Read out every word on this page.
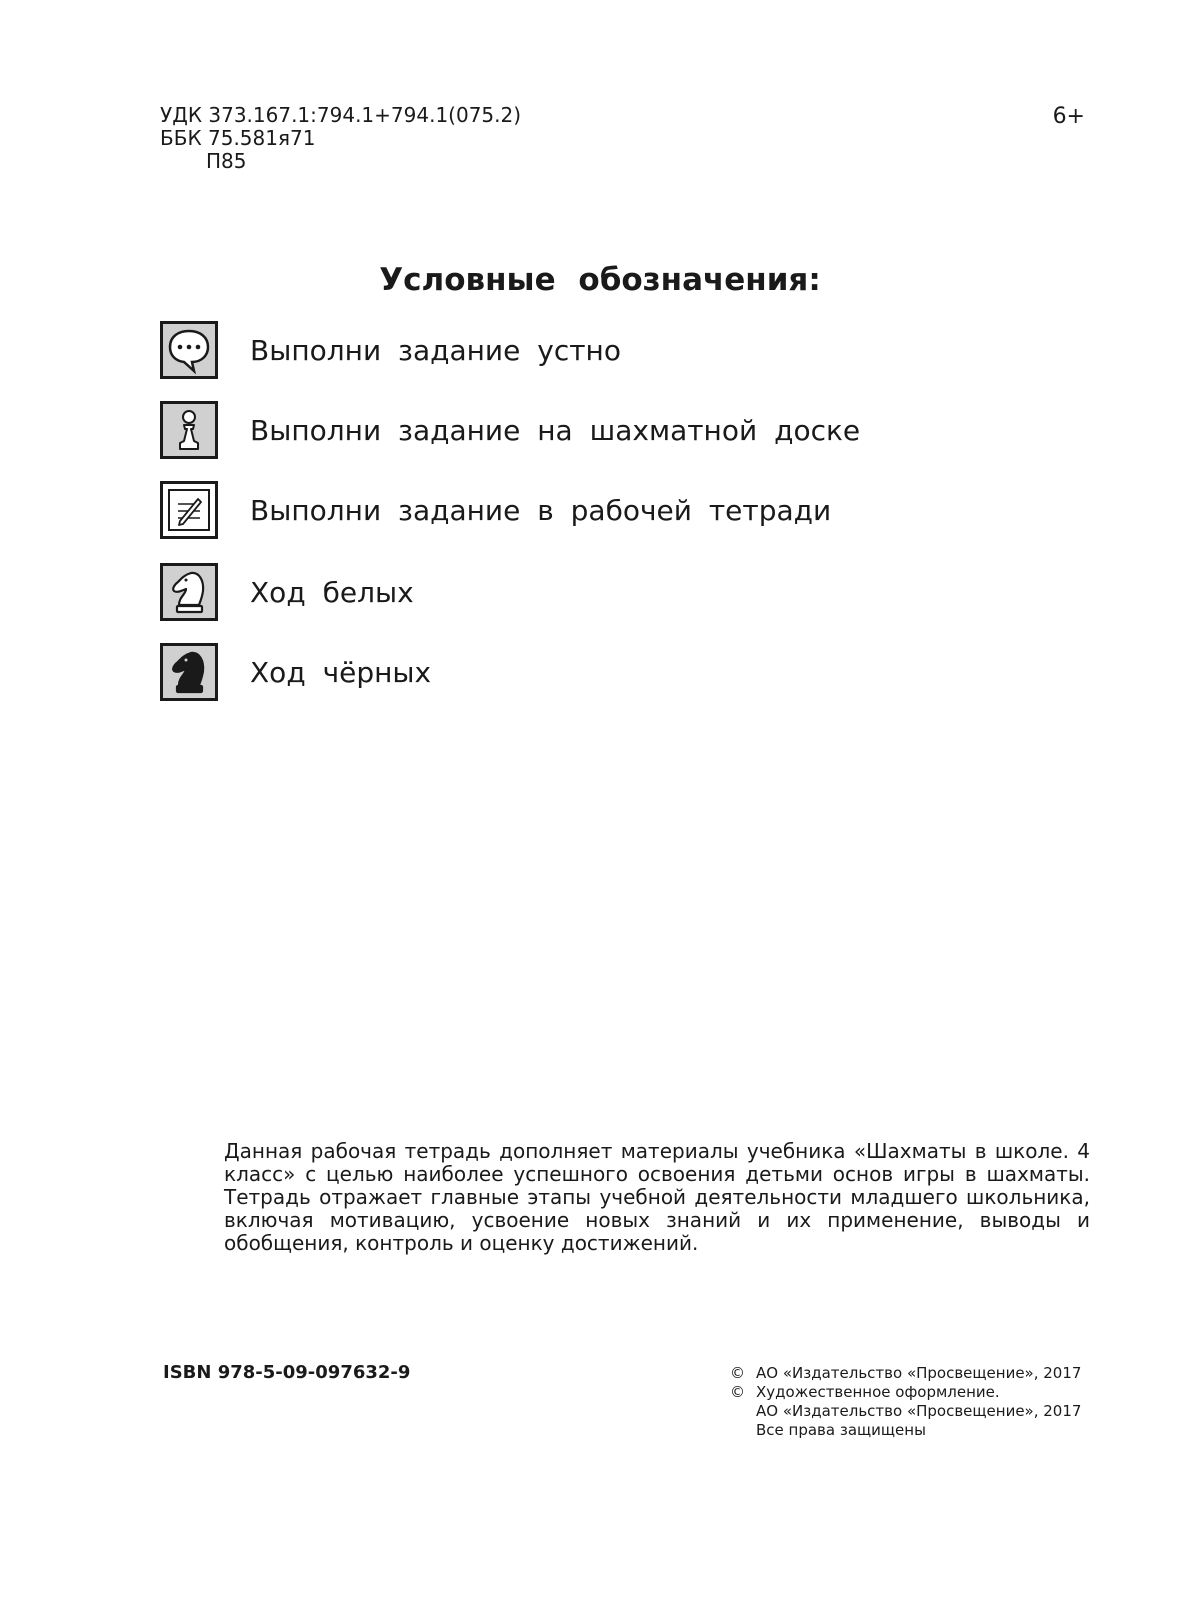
УДК 373.167.1:794.1+794.1(075.2)
ББК 75.581я71
П85
6+
Условные обозначения:
Выполни задание устно
Выполни задание на шахматной доске
Выполни задание в рабочей тетради
Ход белых
Ход чёрных
Данная рабочая тетрадь дополняет материалы учебника «Шахматы в школе. 4 класс» с целью наиболее успешного освоения детьми основ игры в шахматы. Тетрадь отражает главные этапы учебной деятельности младшего школьника, включая мотивацию, усвоение новых знаний и их применение, выводы и обобщения, контроль и оценку достижений.
ISBN 978-5-09-097632-9	© АО «Издательство «Просвещение», 2017
© Художественное оформление.
АО «Издательство «Просвещение», 2017
Все права защищены
